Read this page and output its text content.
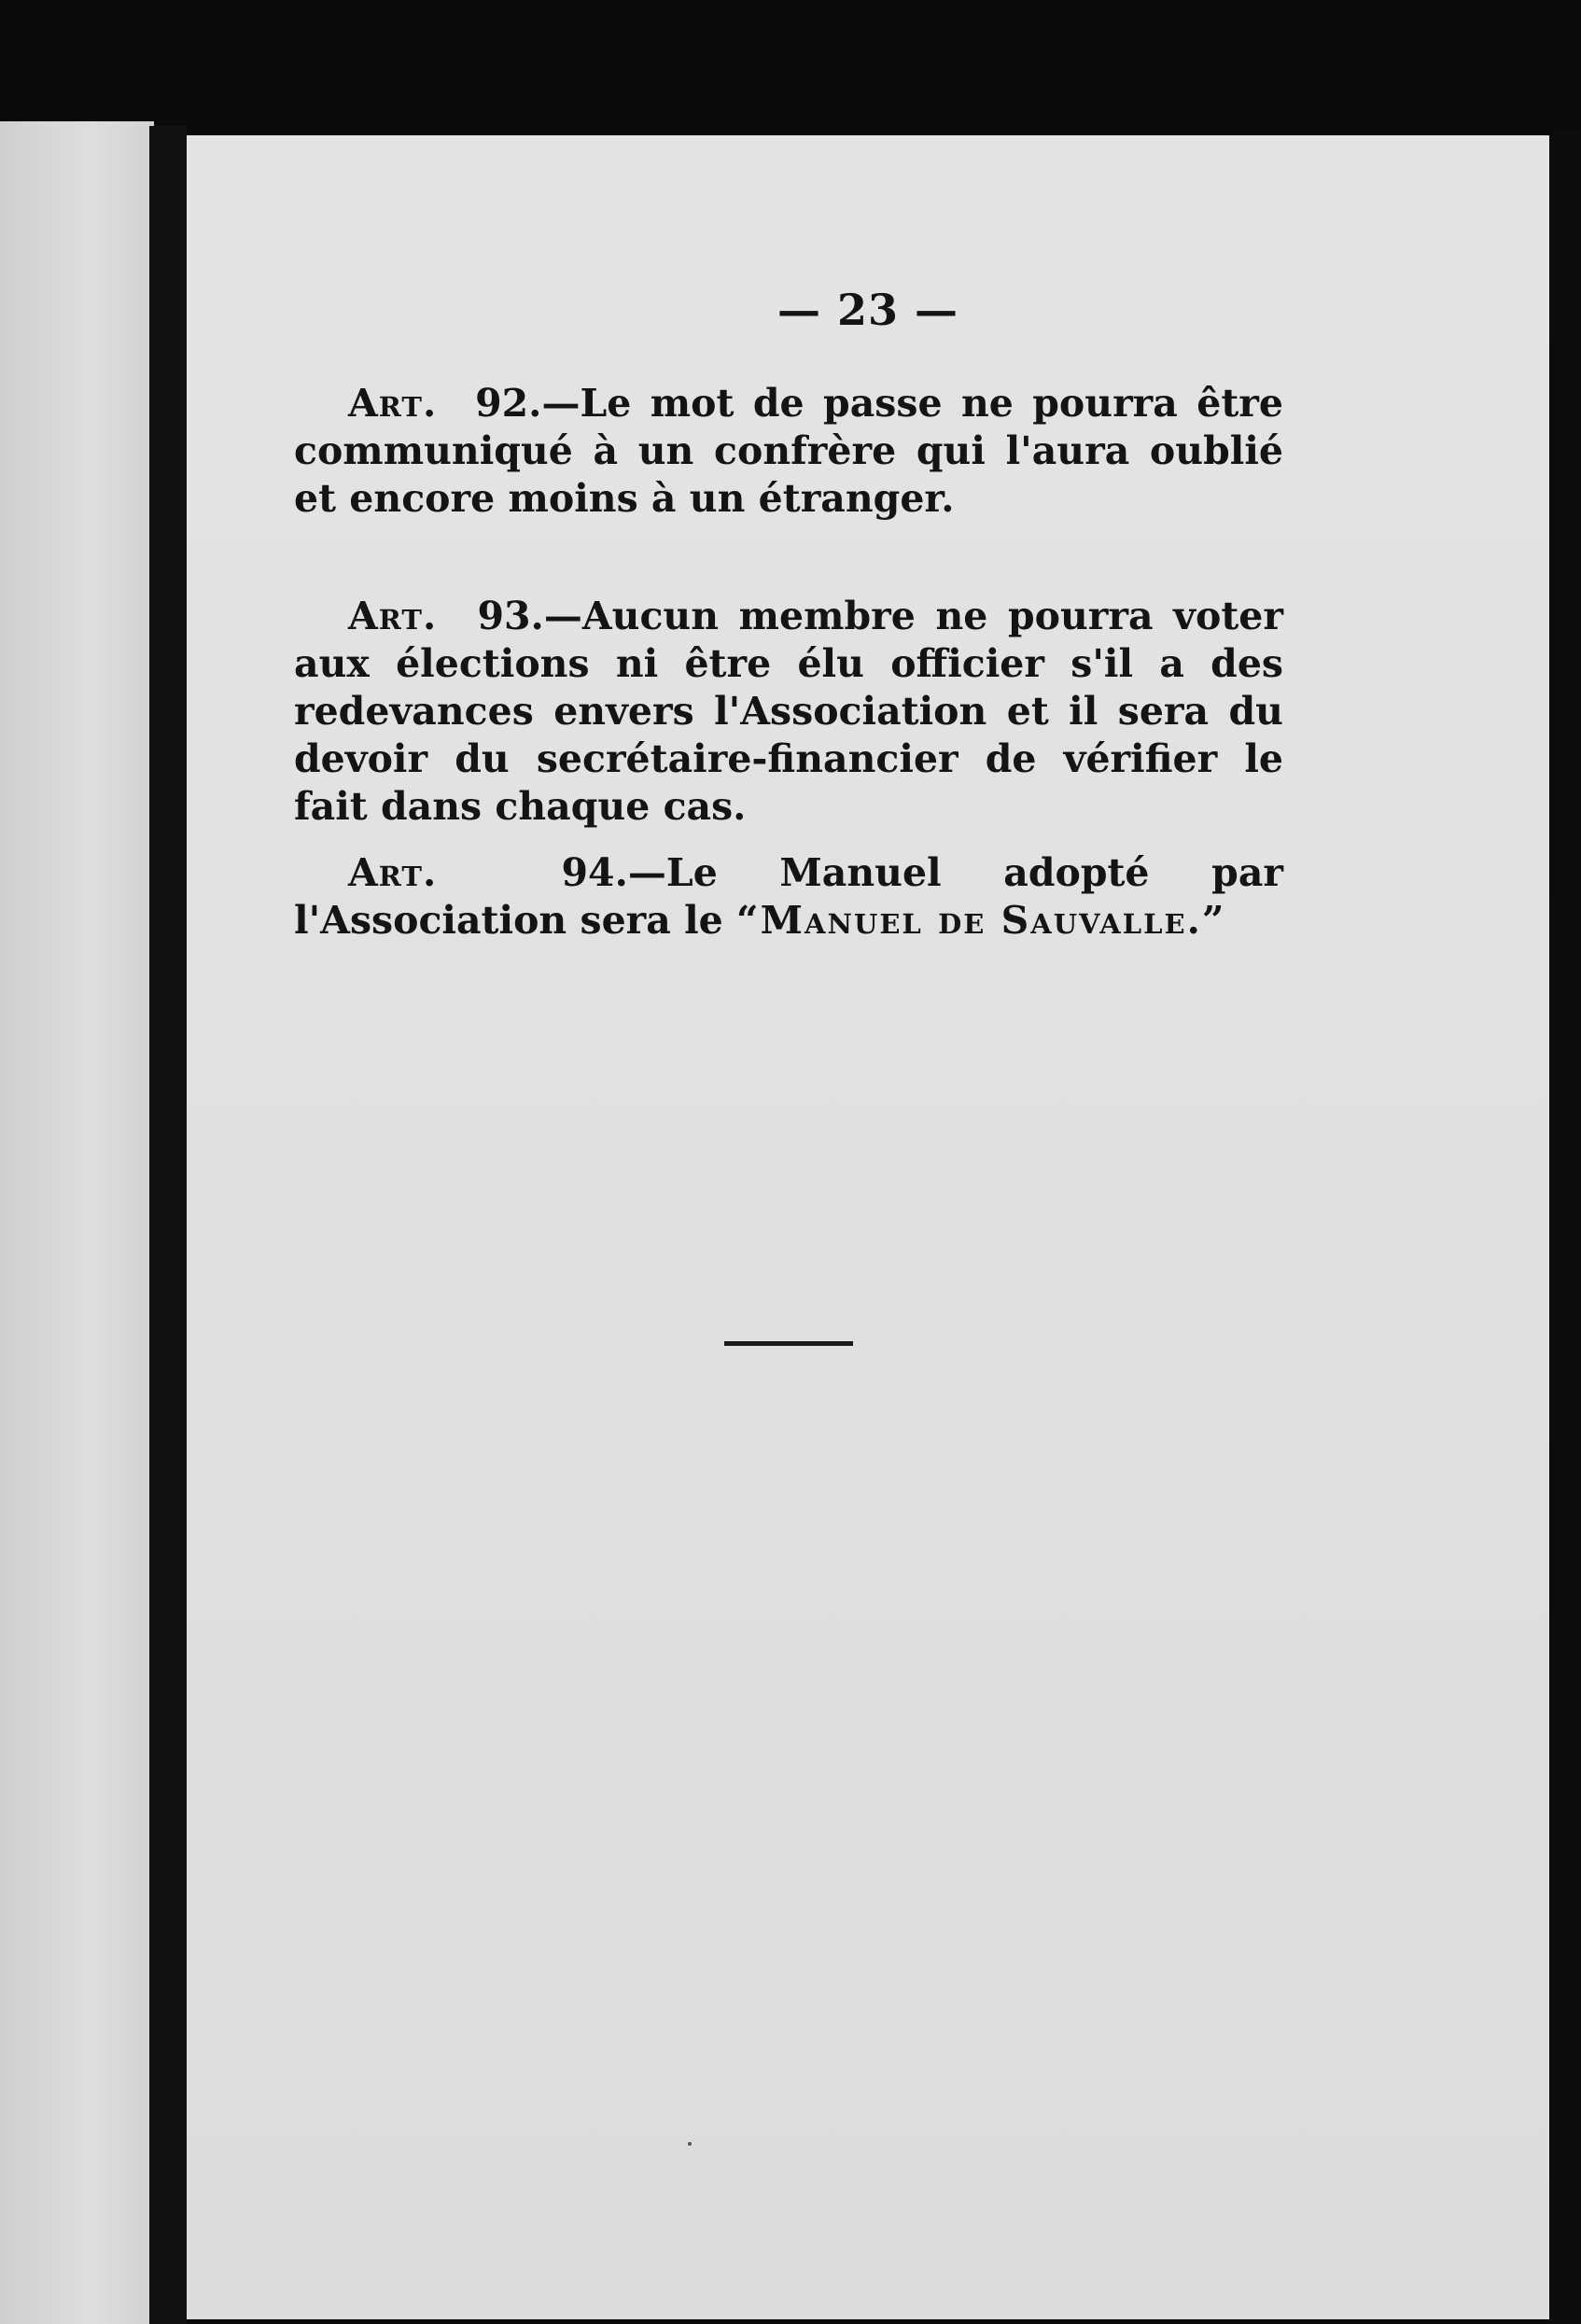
— 23 —

Art. 92.—Le mot de passe ne pourra être communiqué à un confrère qui l'aura oublié et encore moins à un étranger.

Art. 93.—Aucun membre ne pourra voter aux élections ni être élu officier s'il a des redevances envers l'Association et il sera du devoir du secrétaire-financier de vérifier le fait dans chaque cas.

Art.	94.—Le Manuel adopté par l'Association sera le “Manuel de Sauvalle.”
